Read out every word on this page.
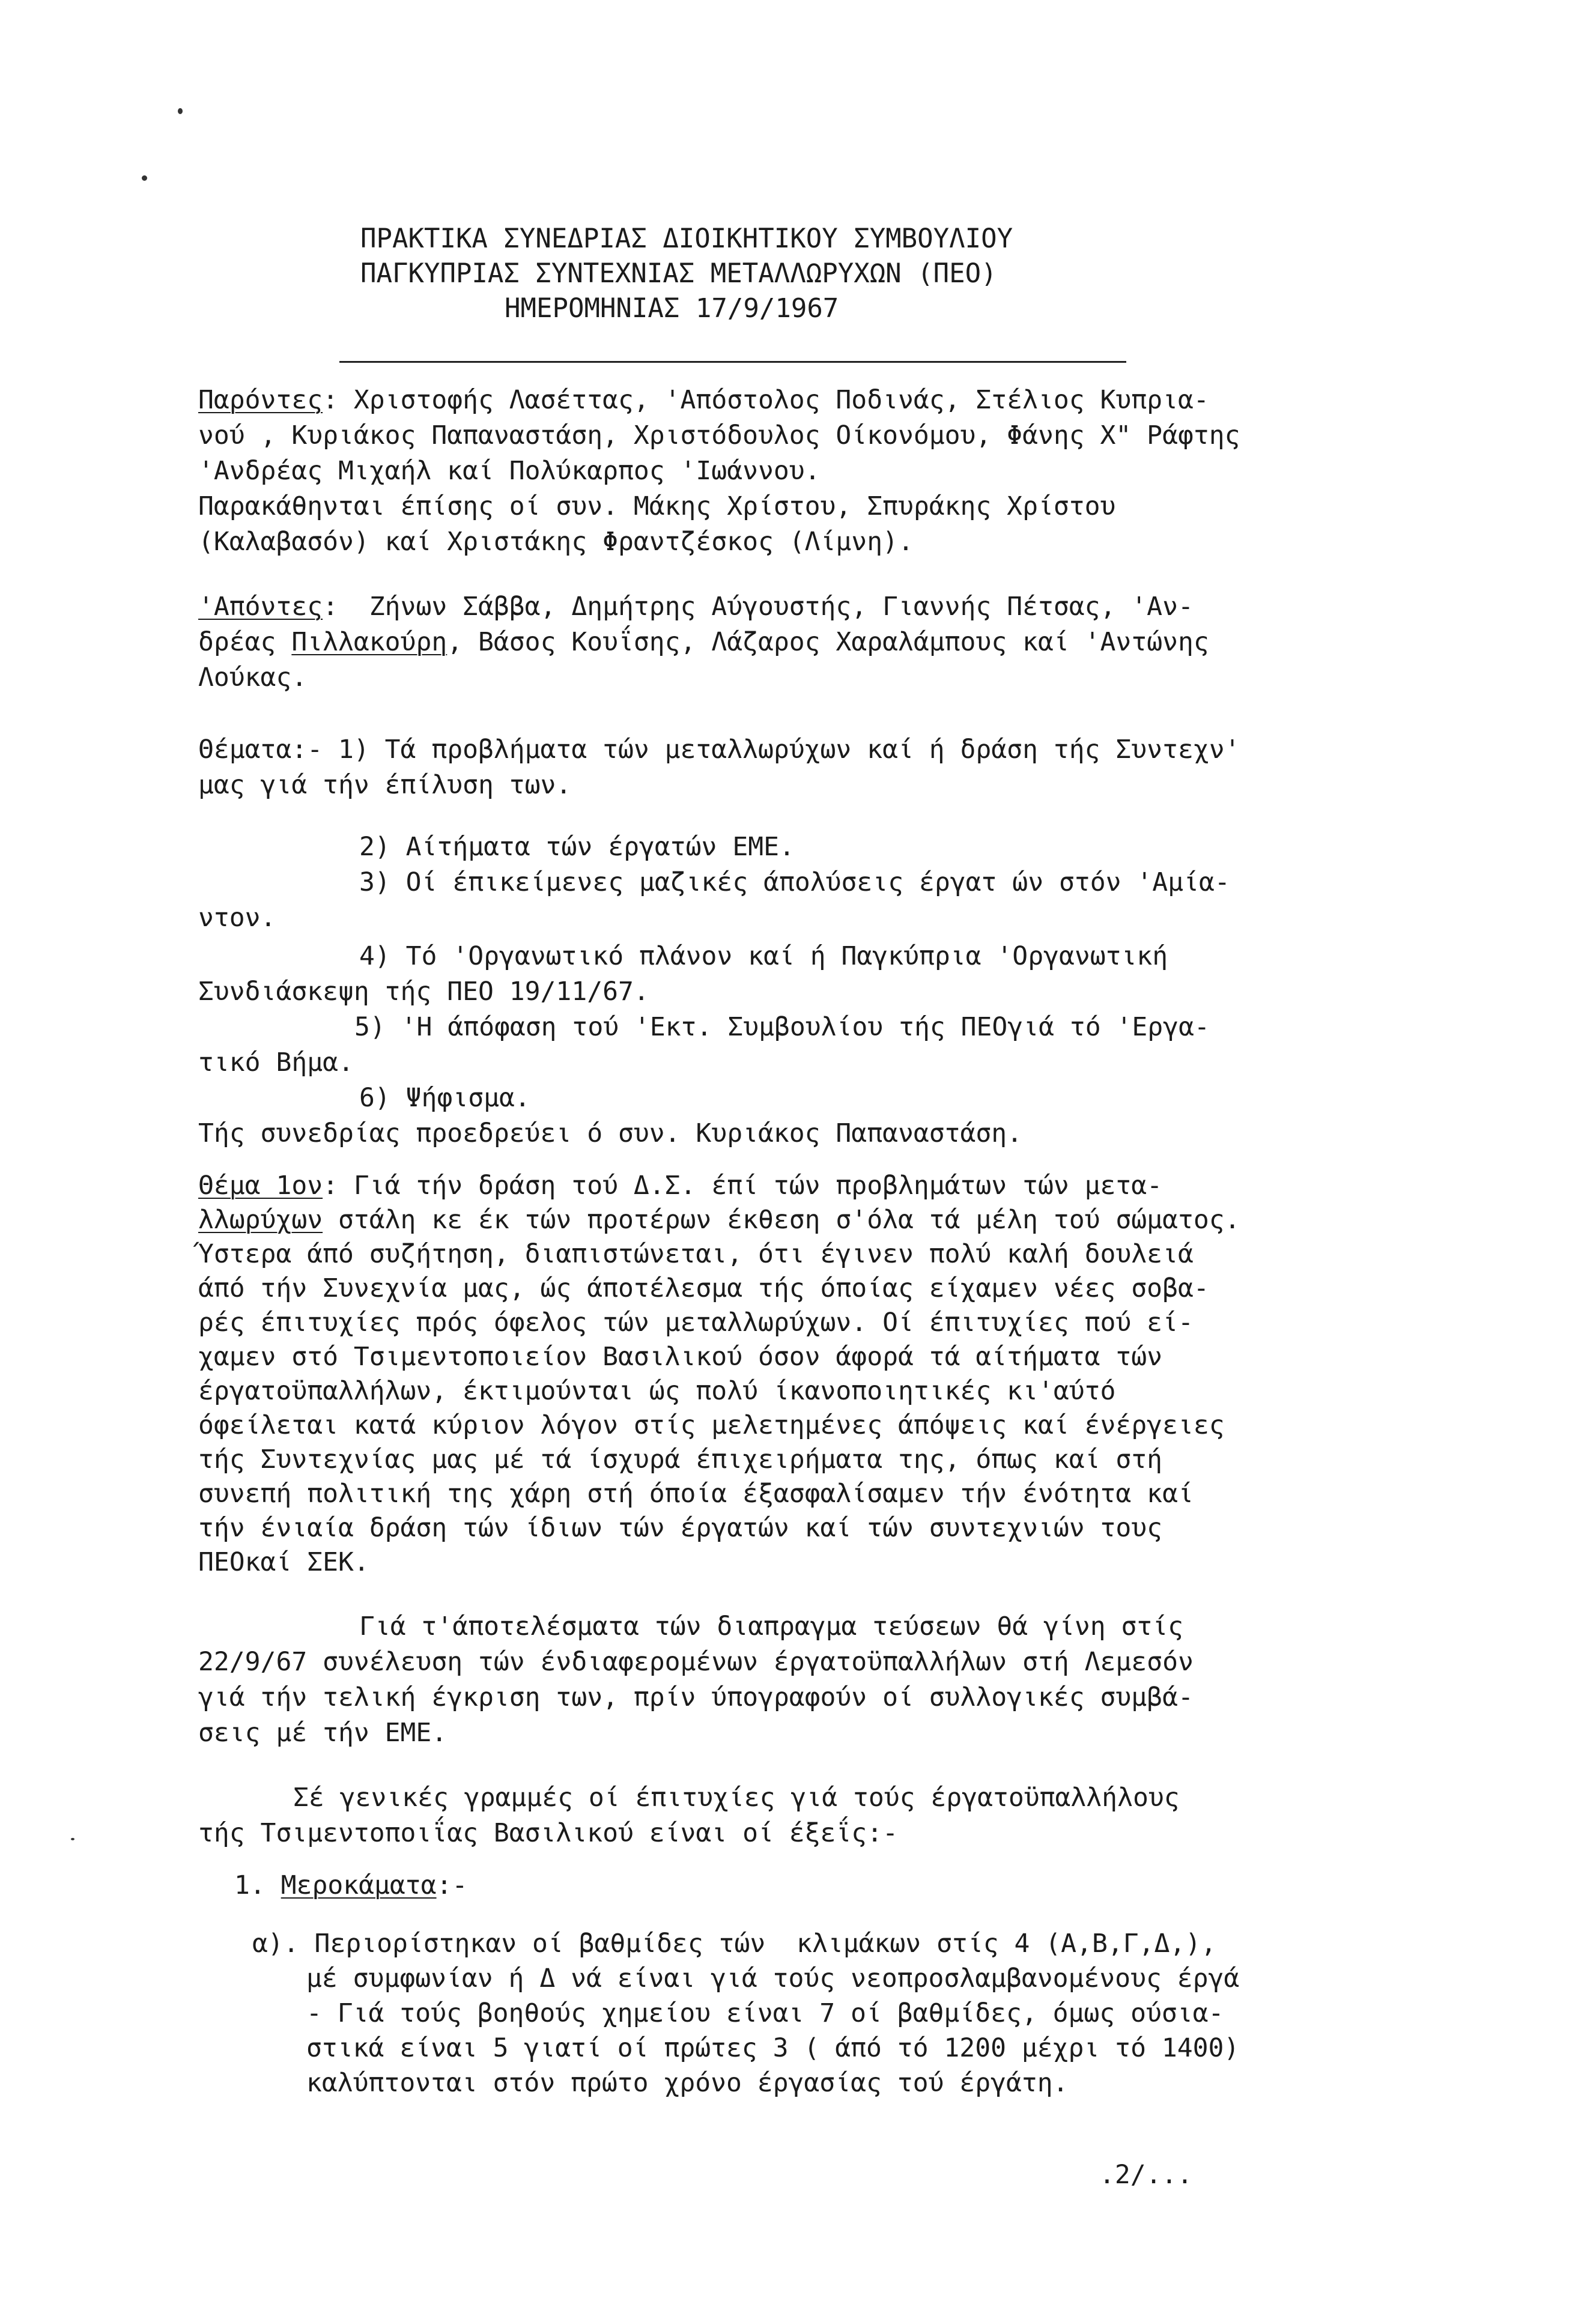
ΠΡΑΚΤΙΚΑ ΣΥΝΕΔΡΙΑΣ ΔΙΟΙΚΗΤΙΚΟΥ ΣΥΜΒΟΥΛΙΟΥ
ΠΑΓΚΥΠΡΙΑΣ ΣΥΝΤΕΧΝΙΑΣ ΜΕΤΑΛΛΩΡΥΧΩΝ (ΠΕΟ)
ΗΜΕΡΟΜΗΝΙΑΣ 17/9/1967
Παρόντες: Χριστοφής Λασέττας, 'Απόστολος Ποδινάς, Στέλιος Κυπρια-
νού , Κυριάκος Παπαναστάση, Χριστόδουλος Οίκονόμου, Φάνης Χ" Ράφτης
'Ανδρέας Μιχαήλ καί Πολύκαρπος 'Ιωάννου.
Παρακάθηνται έπίσης οί συν. Μάκης Χρίστου, Σπυράκης Χρίστου
(Καλαβασόν) καί Χριστάκης Φραντζέσκος (Λίμνη).
'Απόντες:  Ζήνων Σάββα, Δημήτρης Αύγουστής, Γιαννής Πέτσας, 'Αν-
δρέας Πιλλακούρη, Βάσος Κουΐσης, Λάζαρος Χαραλάμπους καί 'Αντώνης
Λούκας.
Θέματα:- 1) Τά προβλήματα τών μεταλλωρύχων καί ή δράση τής Συντεχν'
μας γιά τήν έπίλυση των.
2) Αίτήματα τών έργατών ΕΜΕ.
3) Οί έπικείμενες μαζικές άπολύσεις έργατ ών στόν 'Αμία-
ντον.
4) Τό 'Οργανωτικό πλάνον καί ή Παγκύπρια 'Οργανωτική
Συνδιάσκεψη τής ΠΕΟ 19/11/67.
5) 'Η άπόφαση τού 'Εκτ. Συμβουλίου τής ΠΕΟγιά τό 'Εργα-
τικό Βήμα.
6) Ψήφισμα.
Τής συνεδρίας προεδρεύει ό συν. Κυριάκος Παπαναστάση.
Θέμα 1ον: Γιά τήν δράση τού Δ.Σ. έπί τών προβλημάτων τών μετα-
λλωρύχων στάλη κε έκ τών προτέρων έκθεση σ'όλα τά μέλη τού σώματος.
Ύστερα άπό συζήτηση, διαπιστώνεται, ότι έγινεν πολύ καλή δουλειά
άπό τήν Συνεχνία μας, ώς άποτέλεσμα τής όποίας είχαμεν νέες σοβα-
ρές έπιτυχίες πρός όφελος τών μεταλλωρύχων. Οί έπιτυχίες πού εί-
χαμεν στό Τσιμεντοποιείον Βασιλικού όσον άφορά τά αίτήματα τών
έργατοϋπαλλήλων, έκτιμούνται ώς πολύ ίκανοποιητικές κι'αύτό
όφείλεται κατά κύριον λόγον στίς μελετημένες άπόψεις καί ένέργειες
τής Συντεχνίας μας μέ τά ίσχυρά έπιχειρήματα της, όπως καί στή
συνεπή πολιτική της χάρη στή όποία έξασφαλίσαμεν τήν ένότητα καί
τήν ένιαία δράση τών ίδιων τών έργατών καί τών συντεχνιών τους
ΠΕΟκαί ΣΕΚ.
Γιά τ'άποτελέσματα τών διαπραγμα τεύσεων θά γίνη στίς
22/9/67 συνέλευση τών ένδιαφερομένων έργατοϋπαλλήλων στή Λεμεσόν
γιά τήν τελική έγκριση των, πρίν ύπογραφούν οί συλλογικές συμβά-
σεις μέ τήν ΕΜΕ.
Σέ γενικές γραμμές οί έπιτυχίες γιά τούς έργατοϋπαλλήλους
τής Τσιμεντοποιΐας Βασιλικού είναι οί έξεΐς:-
1. Μεροκάματα:-
α). Περιορίστηκαν οί βαθμίδες τών  κλιμάκων στίς 4 (Α,Β,Γ,Δ,),
μέ συμφωνίαν ή Δ νά είναι γιά τούς νεοπροσλαμβανομένους έργά
- Γιά τούς βοηθούς χημείου είναι 7 οί βαθμίδες, όμως ούσια-
στικά είναι 5 γιατί οί πρώτες 3 ( άπό τό 1200 μέχρι τό 1400)
καλύπτονται στόν πρώτο χρόνο έργασίας τού έργάτη.
.2/...
